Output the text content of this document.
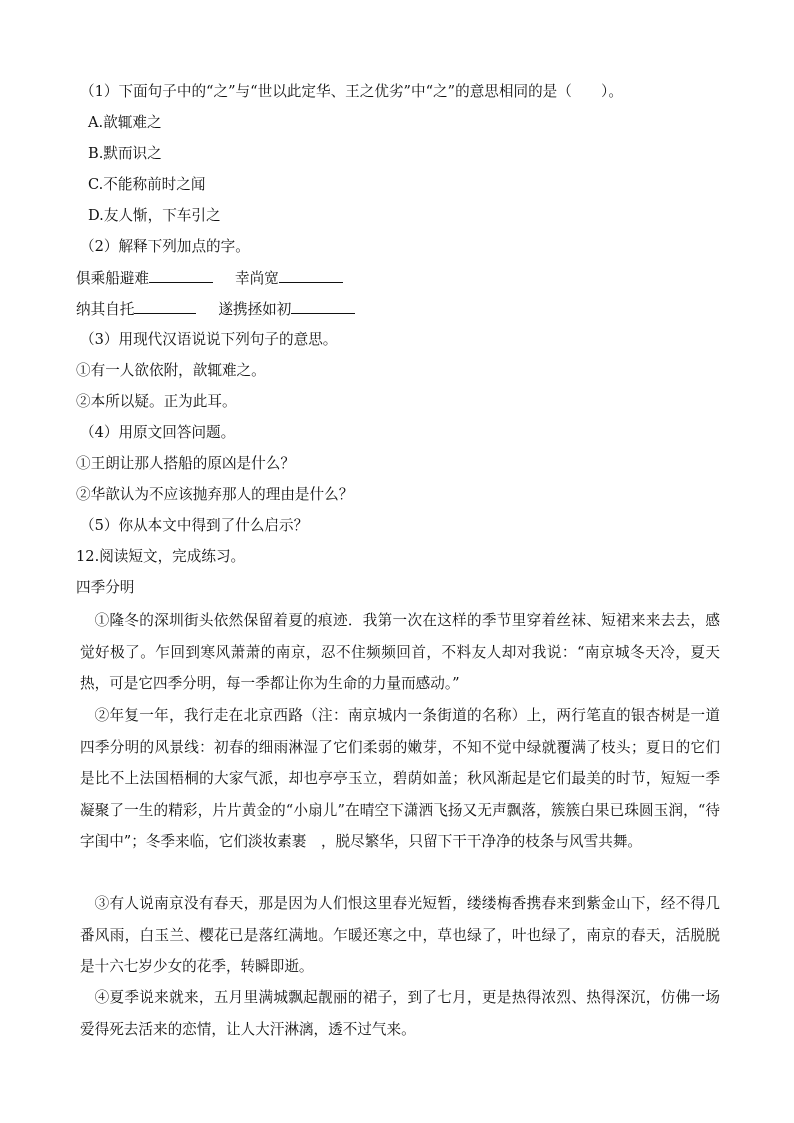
（1）下面句子中的“之”与“世以此定华、王之优劣”中“之”的意思相同的是（　　）。
A.歆辄难之
B.默而识之
C.不能称前时之闻
D.友人惭，下车引之
（2）解释下列加点的字。
俱乘船避难	幸尚宽
纳其自托	遂携拯如初
（3）用现代汉语说说下列句子的意思。
①有一人欲依附，歆辄难之。
②本所以疑。正为此耳。
（4）用原文回答问题。
①王朗让那人搭船的原凶是什么？
②华歆认为不应该抛弃那人的理由是什么？
（5）你从本文中得到了什么启示？
12.阅读短文，完成练习。
四季分明
①隆冬的深圳街头依然保留着夏的痕迹．我第一次在这样的季节里穿着丝袜、短裙来来去去，感觉好极了。乍回到寒风萧萧的南京，忍不住频频回首，不料友人却对我说：“南京城冬天冷，夏天热，可是它四季分明，每一季都让你为生命的力量而感动。”
②年复一年，我行走在北京西路（注：南京城内一条街道的名称）上，两行笔直的银杏树是一道四季分明的风景线：初春的细雨淋湿了它们柔弱的嫩芽，不知不觉中绿就覆满了枝头；夏日的它们是比不上法国梧桐的大家气派，却也亭亭玉立，碧荫如盖；秋风渐起是它们最美的时节，短短一季凝聚了一生的精彩，片片黄金的“小扇儿”在晴空下潇洒飞扬又无声飘落，簇簇白果已珠圆玉润，“待字闺中”；冬季来临，它们淡妆素裹　，脱尽繁华，只留下干干净净的枝条与风雪共舞。
③有人说南京没有春天，那是因为人们恨这里春光短暂，缕缕梅香携春来到紫金山下，经不得几番风雨，白玉兰、樱花已是落红满地。乍暖还寒之中，草也绿了，叶也绿了，南京的春天，活脱脱是十六七岁少女的花季，转瞬即逝。
④夏季说来就来，五月里满城飘起靓丽的裙子，到了七月，更是热得浓烈、热得深沉，仿佛一场爱得死去活来的恋情，让人大汗淋漓，透不过气来。
